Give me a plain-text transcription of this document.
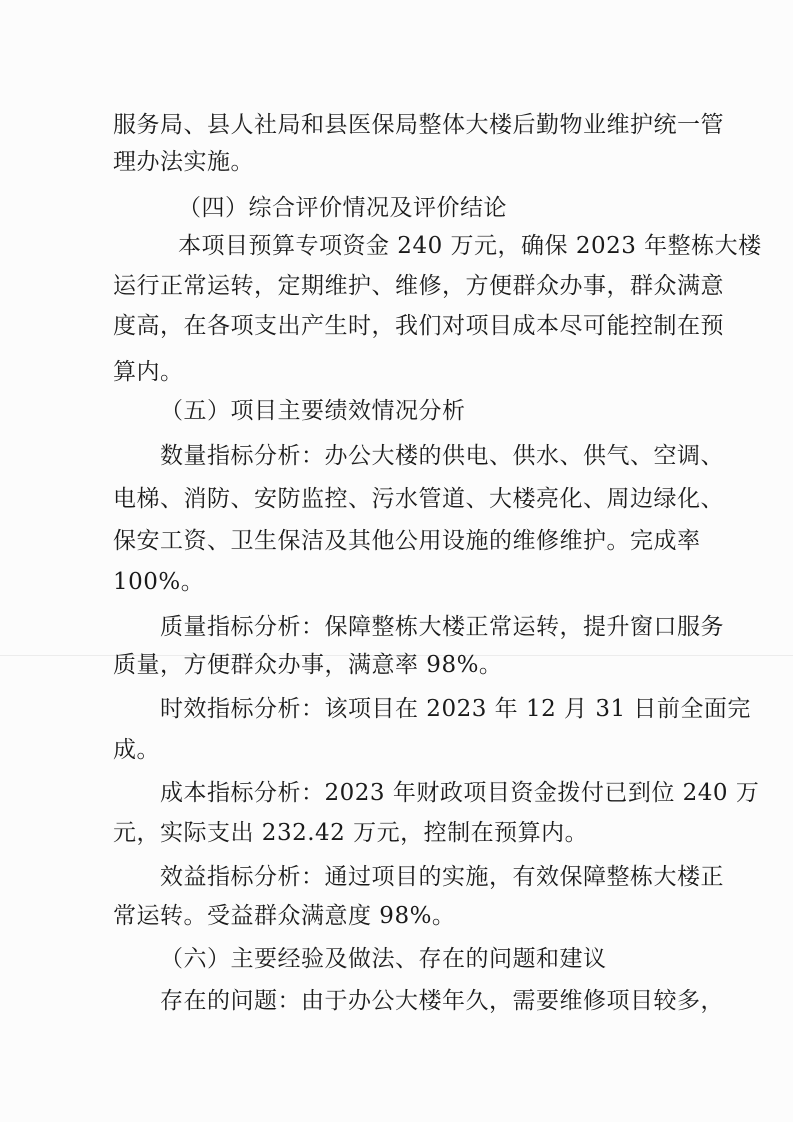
服务局、县人社局和县医保局整体大楼后勤物业维护统一管
理办法实施。
（四）综合评价情况及评价结论
本项目预算专项资金 240 万元，确保 2023 年整栋大楼
运行正常运转，定期维护、维修，方便群众办事，群众满意
度高，在各项支出产生时，我们对项目成本尽可能控制在预
算内。
（五）项目主要绩效情况分析
数量指标分析：办公大楼的供电、供水、供气、空调、
电梯、消防、安防监控、污水管道、大楼亮化、周边绿化、
保安工资、卫生保洁及其他公用设施的维修维护。完成率
100%。
质量指标分析：保障整栋大楼正常运转，提升窗口服务
质量，方便群众办事，满意率 98%。
时效指标分析：该项目在 2023 年 12 月 31 日前全面完
成。
成本指标分析：2023 年财政项目资金拨付已到位 240 万
元，实际支出 232.42 万元，控制在预算内。
效益指标分析：通过项目的实施，有效保障整栋大楼正
常运转。受益群众满意度 98%。
（六）主要经验及做法、存在的问题和建议
存在的问题：由于办公大楼年久，需要维修项目较多，
